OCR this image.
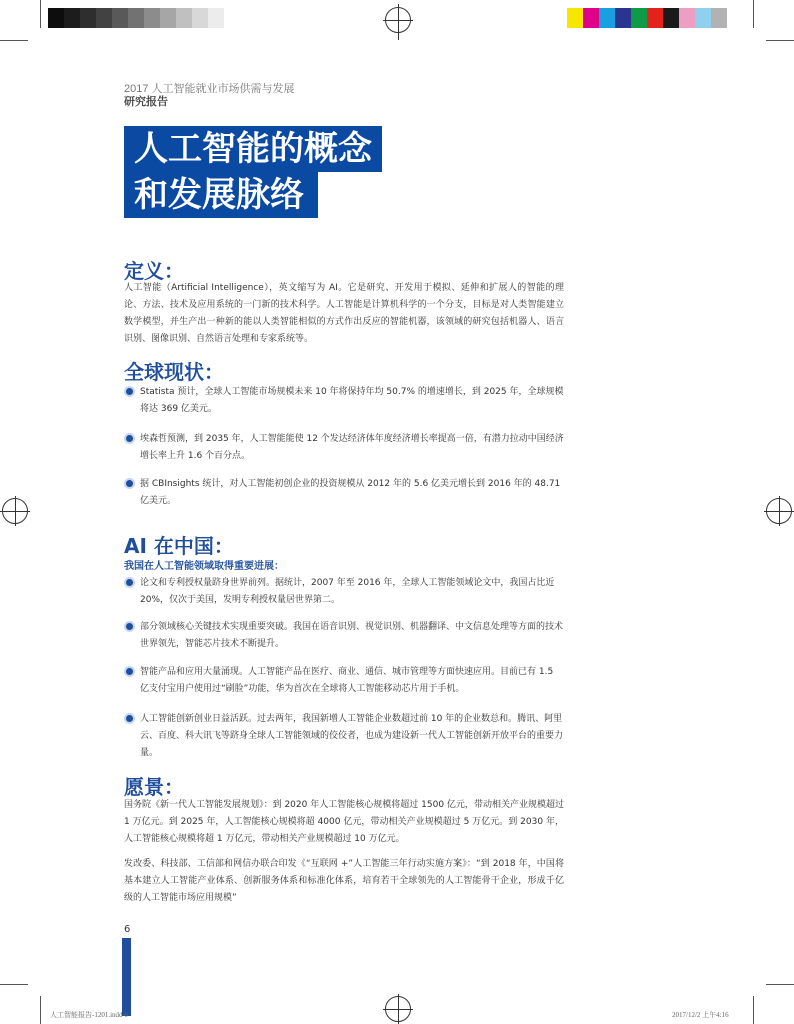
2017 人工智能就业市场供需与发展
研究报告
人工智能的概念
和发展脉络
定义：
人工智能（Artificial Intelligence），英文缩写为 AI。它是研究、开发用于模拟、延伸和扩展人的智能的理论、方法、技术及应用系统的一门新的技术科学。人工智能是计算机科学的一个分支，目标是对人类智能建立数学模型，并生产出一种新的能以人类智能相似的方式作出反应的智能机器，该领域的研究包括机器人、语言识别、图像识别、自然语言处理和专家系统等。
全球现状：
Statista 预计，全球人工智能市场规模未来 10 年将保持年均 50.7% 的增速增长，到 2025 年，全球规模将达 369 亿美元。
埃森哲预测，到 2035 年，人工智能能使 12 个发达经济体年度经济增长率提高一倍，有潜力拉动中国经济增长率上升 1.6 个百分点。
据 CBInsights 统计，对人工智能初创企业的投资规模从 2012 年的 5.6 亿美元增长到 2016 年的 48.71 亿美元。
AI 在中国：
我国在人工智能领域取得重要进展：
论文和专利授权量跻身世界前列。据统计，2007 年至 2016 年，全球人工智能领域论文中，我国占比近 20%，仅次于美国，发明专利授权量居世界第二。
部分领域核心关键技术实现重要突破。我国在语音识别、视觉识别、机器翻译、中文信息处理等方面的技术世界领先，智能芯片技术不断提升。
智能产品和应用大量涌现。人工智能产品在医疗、商业、通信、城市管理等方面快速应用。目前已有 1.5 亿支付宝用户使用过“刷脸”功能，华为首次在全球将人工智能移动芯片用于手机。
人工智能创新创业日益活跃。过去两年，我国新增人工智能企业数超过前 10 年的企业数总和。腾讯、阿里云、百度、科大讯飞等跻身全球人工智能领域的佼佼者，也成为建设新一代人工智能创新开放平台的重要力量。
愿景：
国务院《新一代人工智能发展规划》：到 2020 年人工智能核心规模将超过 1500 亿元，带动相关产业规模超过 1 万亿元。到 2025 年，人工智能核心规模将超 4000 亿元，带动相关产业规模超过 5 万亿元。到 2030 年，人工智能核心规模将超 1 万亿元，带动相关产业规模超过 10 万亿元。
发改委、科技部、工信部和网信办联合印发《“互联网 +”人工智能三年行动实施方案》：“到 2018 年，中国将基本建立人工智能产业体系、创新服务体系和标准化体系，培育若干全球领先的人工智能骨干企业，形成千亿级的人工智能市场应用规模”
6
人工智能报告-1201.indd 6	2017/12/2 上午4:16
